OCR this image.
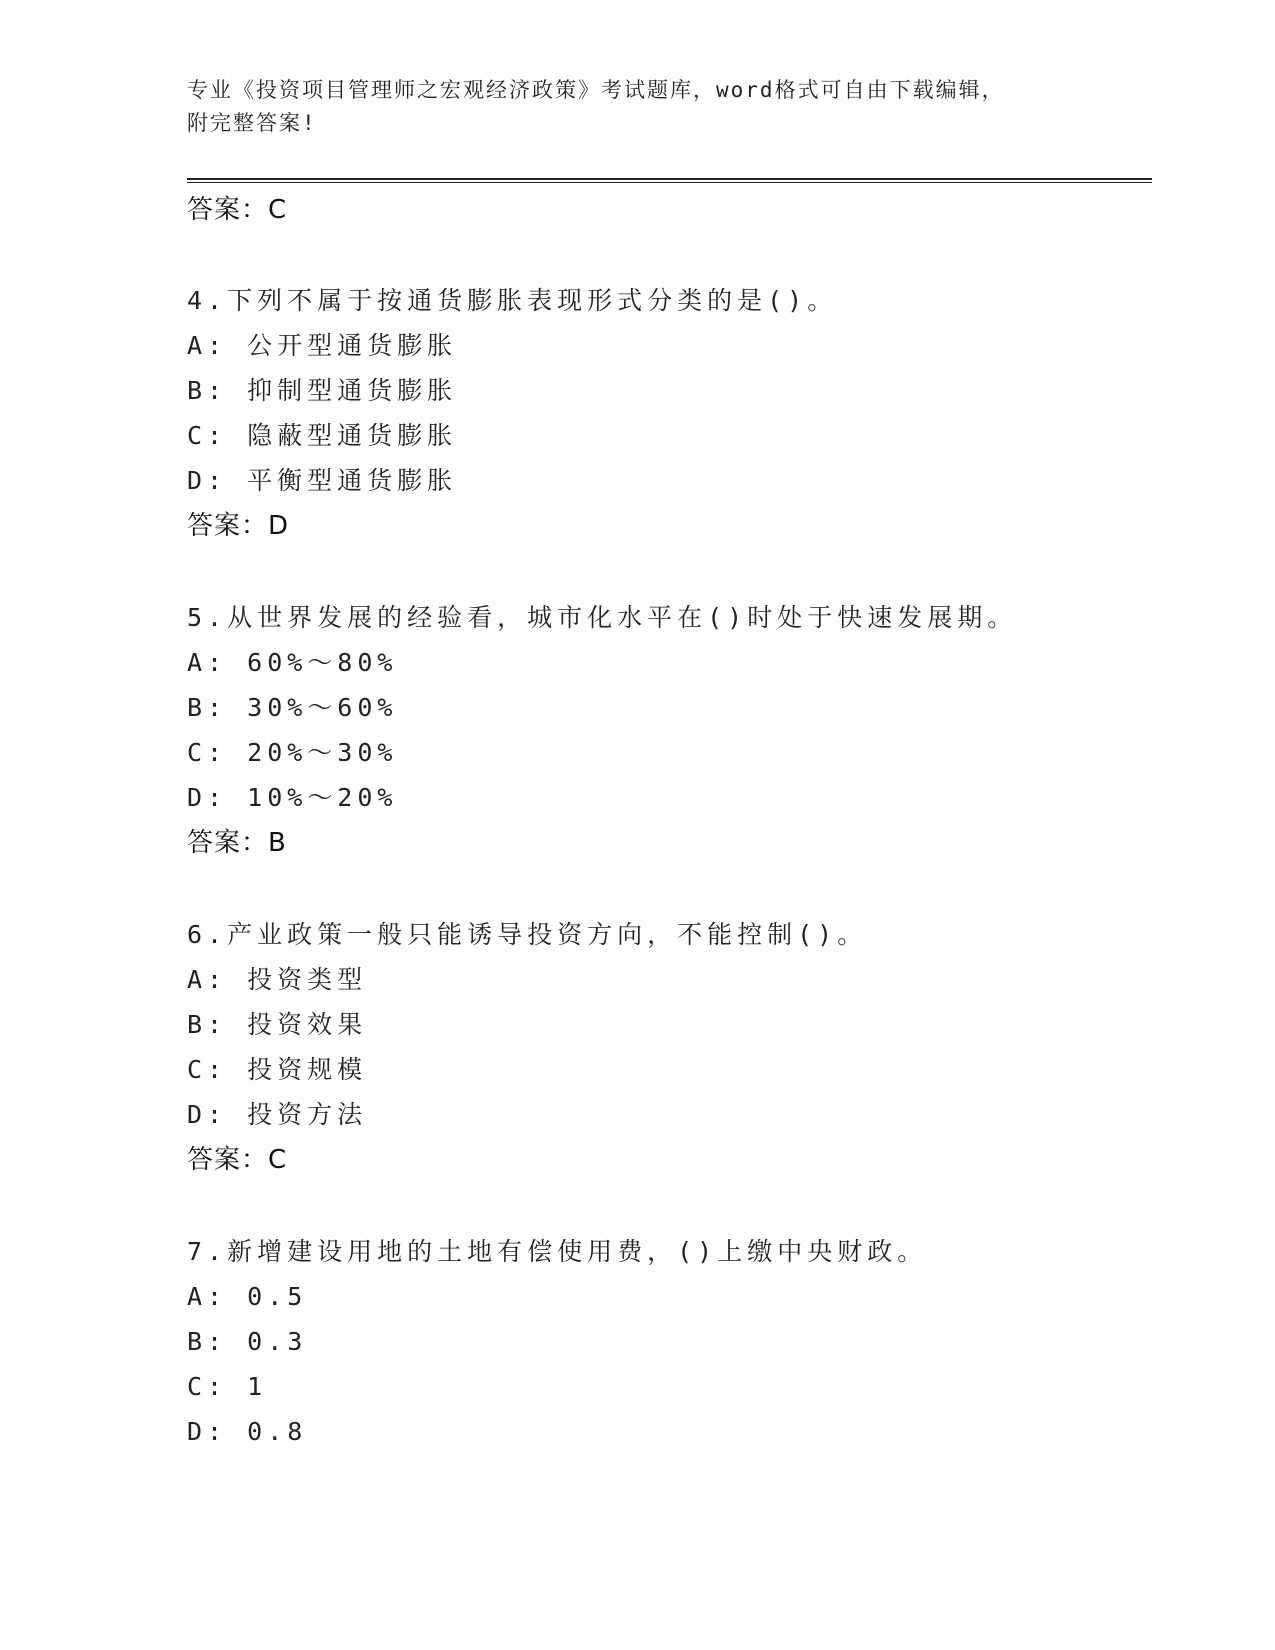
专业《投资项目管理师之宏观经济政策》考试题库，word格式可自由下载编辑，
附完整答案!
答案：C
4.下列不属于按通货膨胀表现形式分类的是()。
A: 公开型通货膨胀
B: 抑制型通货膨胀
C: 隐蔽型通货膨胀
D: 平衡型通货膨胀
答案：D
5.从世界发展的经验看，城市化水平在()时处于快速发展期。
A: 60%～80%
B: 30%～60%
C: 20%～30%
D: 10%～20%
答案：B
6.产业政策一般只能诱导投资方向，不能控制()。
A: 投资类型
B: 投资效果
C: 投资规模
D: 投资方法
答案：C
7.新增建设用地的土地有偿使用费，()上缴中央财政。
A: 0.5
B: 0.3
C: 1
D: 0.8
